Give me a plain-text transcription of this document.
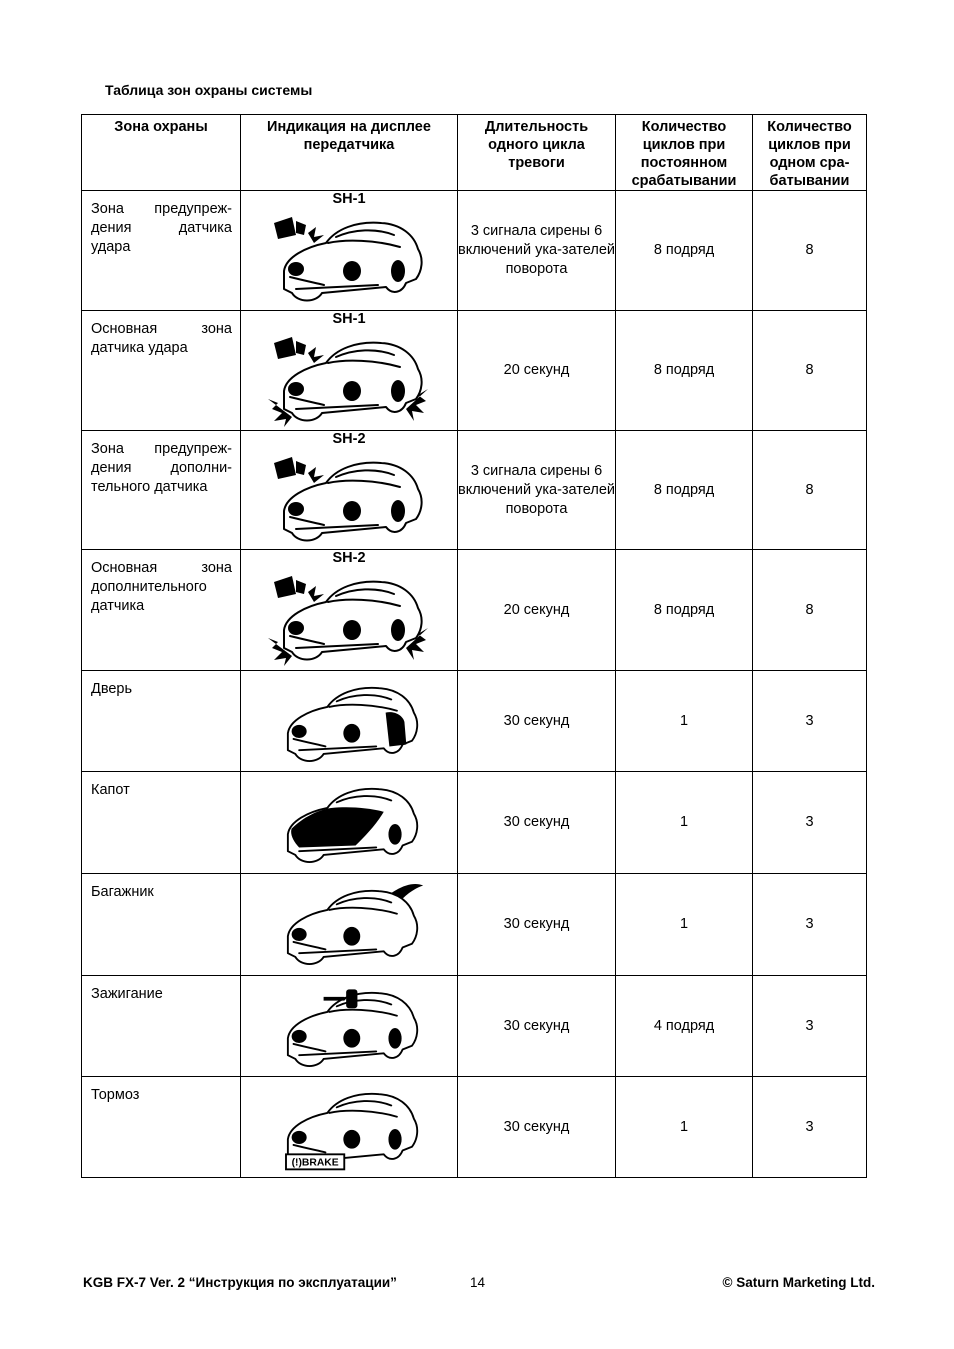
Таблица зон охраны системы
Зона охраны	Индикация на дисплее передатчика	Длительность одного цикла тревоги	Количество циклов при постоянном срабатывании	Количество циклов при одном сра-батывании
Зона предупреж-дения датчика удара	SH-1	3 сигнала сирены 6 включений ука-зателей поворота	8 подряд	8
Основная зона датчика удара	SH-1	20 секунд	8 подряд	8
Зона предупреж-дения дополни-тельного датчика	SH-2	3 сигнала сирены 6 включений ука-зателей поворота	8 подряд	8
Основная зона дополнительного датчика	SH-2	20 секунд	8 подряд	8
Дверь		30 секунд	1	3
Капот		30 секунд	1	3
Багажник		30 секунд	1	3
Зажигание		30 секунд	4 подряд	3
Тормоз	(!)BRAKE	30 секунд	1	3
KGB FX-7 Ver. 2 “Инструкция по эксплуатации”	14	© Saturn Marketing Ltd.
